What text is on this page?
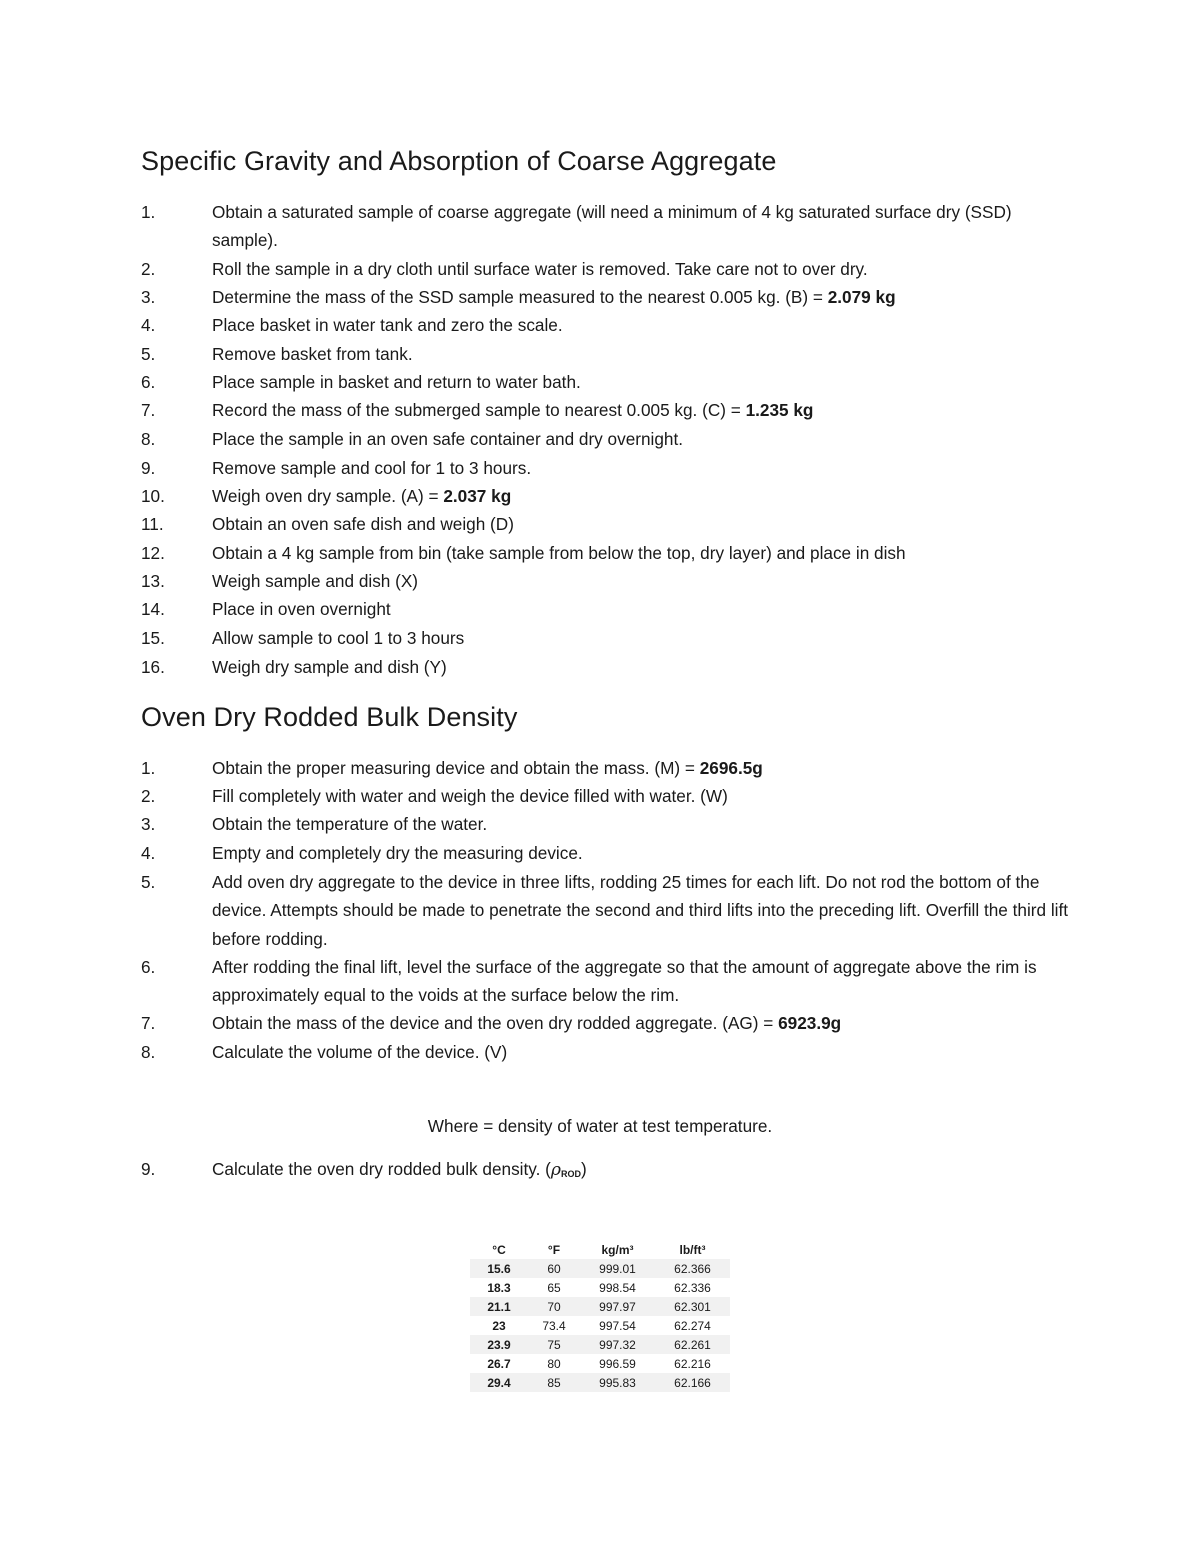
Specific Gravity and Absorption of Coarse Aggregate
1.	Obtain a saturated sample of coarse aggregate (will need a minimum of 4 kg saturated surface dry (SSD) sample).
2.	Roll the sample in a dry cloth until surface water is removed. Take care not to over dry.
3.	Determine the mass of the SSD sample measured to the nearest 0.005 kg. (B) = 2.079 kg
4.	Place basket in water tank and zero the scale.
5.	Remove basket from tank.
6.	Place sample in basket and return to water bath.
7.	Record the mass of the submerged sample to nearest 0.005 kg. (C) = 1.235 kg
8.	Place the sample in an oven safe container and dry overnight.
9.	Remove sample and cool for 1 to 3 hours.
10.	Weigh oven dry sample. (A) = 2.037 kg
11.	Obtain an oven safe dish and weigh (D)
12.	Obtain a 4 kg sample from bin (take sample from below the top, dry layer) and place in dish
13.	Weigh sample and dish (X)
14.	Place in oven overnight
15.	Allow sample to cool 1 to 3 hours
16.	Weigh dry sample and dish (Y)
Oven Dry Rodded Bulk Density
1.	Obtain the proper measuring device and obtain the mass. (M) = 2696.5g
2.	Fill completely with water and weigh the device filled with water. (W)
3.	Obtain the temperature of the water.
4.	Empty and completely dry the measuring device.
5.	Add oven dry aggregate to the device in three lifts, rodding 25 times for each lift. Do not rod the bottom of the device. Attempts should be made to penetrate the second and third lifts into the preceding lift. Overfill the third lift before rodding.
6.	After rodding the final lift, level the surface of the aggregate so that the amount of aggregate above the rim is approximately equal to the voids at the surface below the rim.
7.	Obtain the mass of the device and the oven dry rodded aggregate. (AG) = 6923.9g
8.	Calculate the volume of the device. (V)
Where = density of water at test temperature.
9.	Calculate the oven dry rodded bulk density. $(\rho_{ROD})$
°C	°F	kg/m³	lb/ft³
15.6	60	999.01	62.366
18.3	65	998.54	62.336
21.1	70	997.97	62.301
23	73.4	997.54	62.274
23.9	75	997.32	62.261
26.7	80	996.59	62.216
29.4	85	995.83	62.166
